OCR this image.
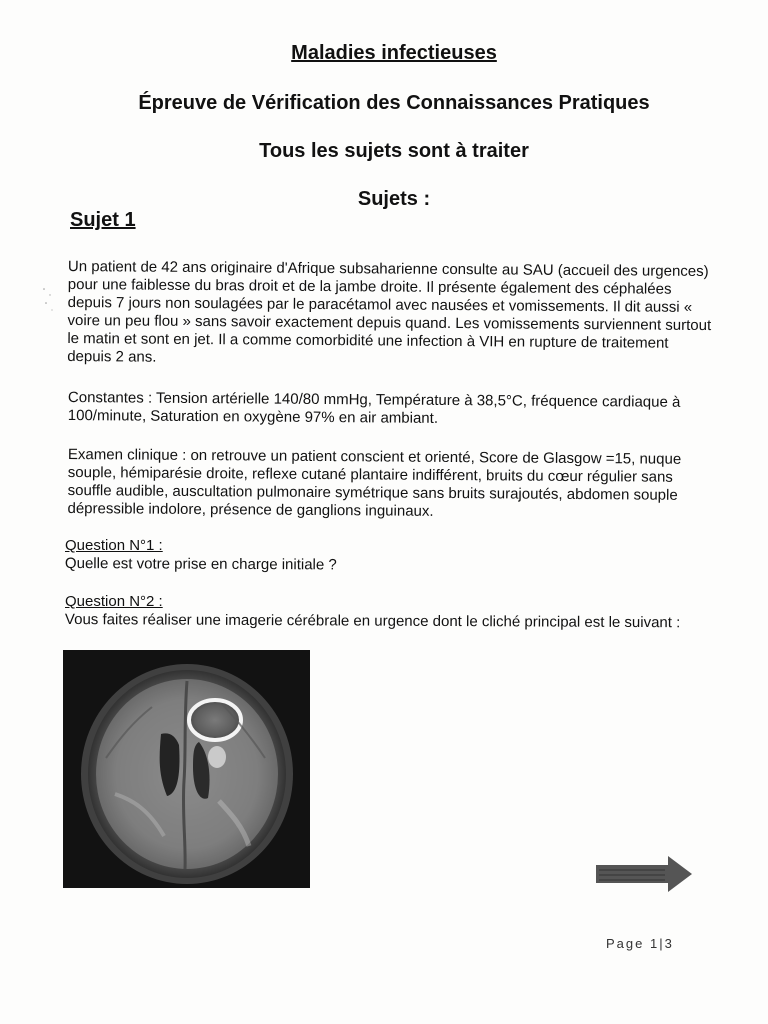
Maladies infectieuses
Épreuve de Vérification des Connaissances Pratiques
Tous les sujets sont à traiter
Sujets :
Sujet 1

Un patient de 42 ans originaire d'Afrique subsaharienne consulte au SAU (accueil des urgences) pour une faiblesse du bras droit et de la jambe droite. Il présente également des céphalées depuis 7 jours non soulagées par le paracétamol avec nausées et vomissements. Il dit aussi « voire un peu flou » sans savoir exactement depuis quand. Les vomissements surviennent surtout le matin et sont en jet. Il a comme comorbidité une infection à VIH en rupture de traitement depuis 2 ans.

Constantes : Tension artérielle 140/80 mmHg, Température à 38,5°C, fréquence cardiaque à 100/minute, Saturation en oxygène 97% en air ambiant.

Examen clinique : on retrouve un patient conscient et orienté, Score de Glasgow =15, nuque souple, hémiparésie droite, reflexe cutané plantaire indifférent, bruits du cœur régulier sans souffle audible, auscultation pulmonaire symétrique sans bruits surajoutés, abdomen souple dépressible indolore, présence de ganglions inguinaux.

Question N°1 :

Quelle est votre prise en charge initiale ?

Question N°2 :

Vous faites réaliser une imagerie cérébrale en urgence dont le cliché principal est le suivant :

Page 1|3
